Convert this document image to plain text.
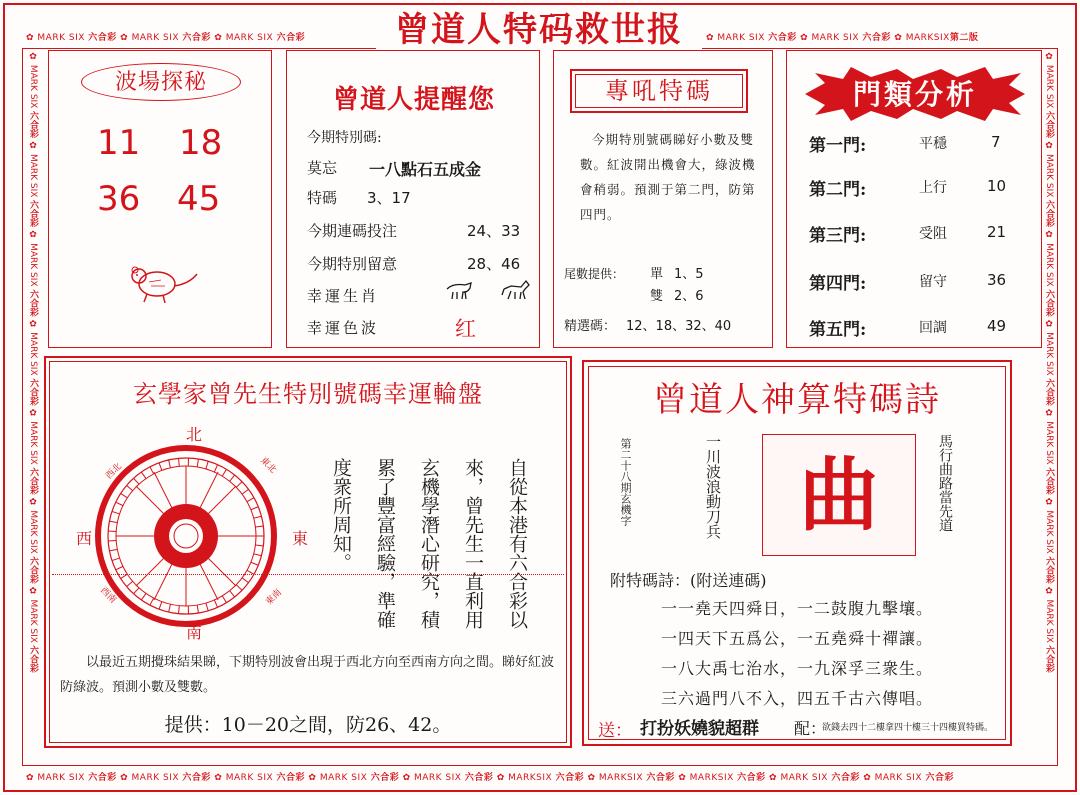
✿ MARK SIX 六合彩 ✿ MARK SIX 六合彩 ✿ MARK SIX 六合彩	✿ MARK SIX 六合彩 ✿ MARK SIX 六合彩 ✿ MARKSIX第二版
✿ MARK SIX 六合彩 ✿ MARK SIX 六合彩 ✿ MARK SIX 六合彩 ✿ MARK SIX 六合彩 ✿ MARK SIX 六合彩 ✿ MARKSIX 六合彩 ✿ MARKSIX 六合彩 ✿ MARKSIX 六合彩 ✿ MARK SIX 六合彩 ✿ MARK SIX 六合彩
✿ MARK SIX 六合彩 ✿ MARK SIX 六合彩 ✿ MARK SIX 六合彩 ✿ MARK SIX 六合彩 ✿ MARK SIX 六合彩 ✿ MARK SIX 六合彩 ✿ MARK SIX 六合彩
✿ MARK SIX 六合彩 ✿ MARK SIX 六合彩 ✿ MARK SIX 六合彩 ✿ MARK SIX 六合彩 ✿ MARK SIX 六合彩 ✿ MARK SIX 六合彩 ✿ MARK SIX 六合彩
曾道人特码救世报
波場探秘
11 18
36 45
曾道人提醒您
今期特別碼:
莫忘 一八點石五成金
特碼 3、17
今期連碼投注	24、33
今期特別留意	28、46
幸運生肖
幸運色波	红
專吼特碼
今期特別號碼睇好小數及雙數。紅波開出機會大，綠波機會稍弱。預測于第二門，防第四門。
尾數提供： 單 1、5
雙 2、6
精選碼： 12、18、32、40
門類分析
第一門:	平穩	7
第二門:	上行	10
第三門:	受阻	21
第四門:	留守	36
第五門:	回調	49
玄學家曾先生特別號碼幸運輪盤
北
南
西	東
西北	東北
西南	東南	自從本港有六合彩以
來，曾先生一直利用
玄機學潛心研究，積
累了豐富經驗，準確
度衆所周知。
以最近五期攪珠結果睇，下期特別波會出現于西北方向至西南方向之間。睇好紅波防綠波。預測小數及雙數。
提供：10－20之間，防26、42。
曾道人神算特碼詩
第二十八期玄機字	一川波浪動刀兵 曲	馬行曲路當先道
附特碼詩：(附送連碼)
一一堯天四舜日，一二鼓腹九擊壤。
一四天下五爲公，一五堯舜十禪讓。
一八大禹七治水，一九深孚三衆生。
三六過門八不入，四五千古六傳唱。
送： 打扮妖嬈貌超群 配：
欲錢去四十二樓拿四十樓三十四樓買特碼。
